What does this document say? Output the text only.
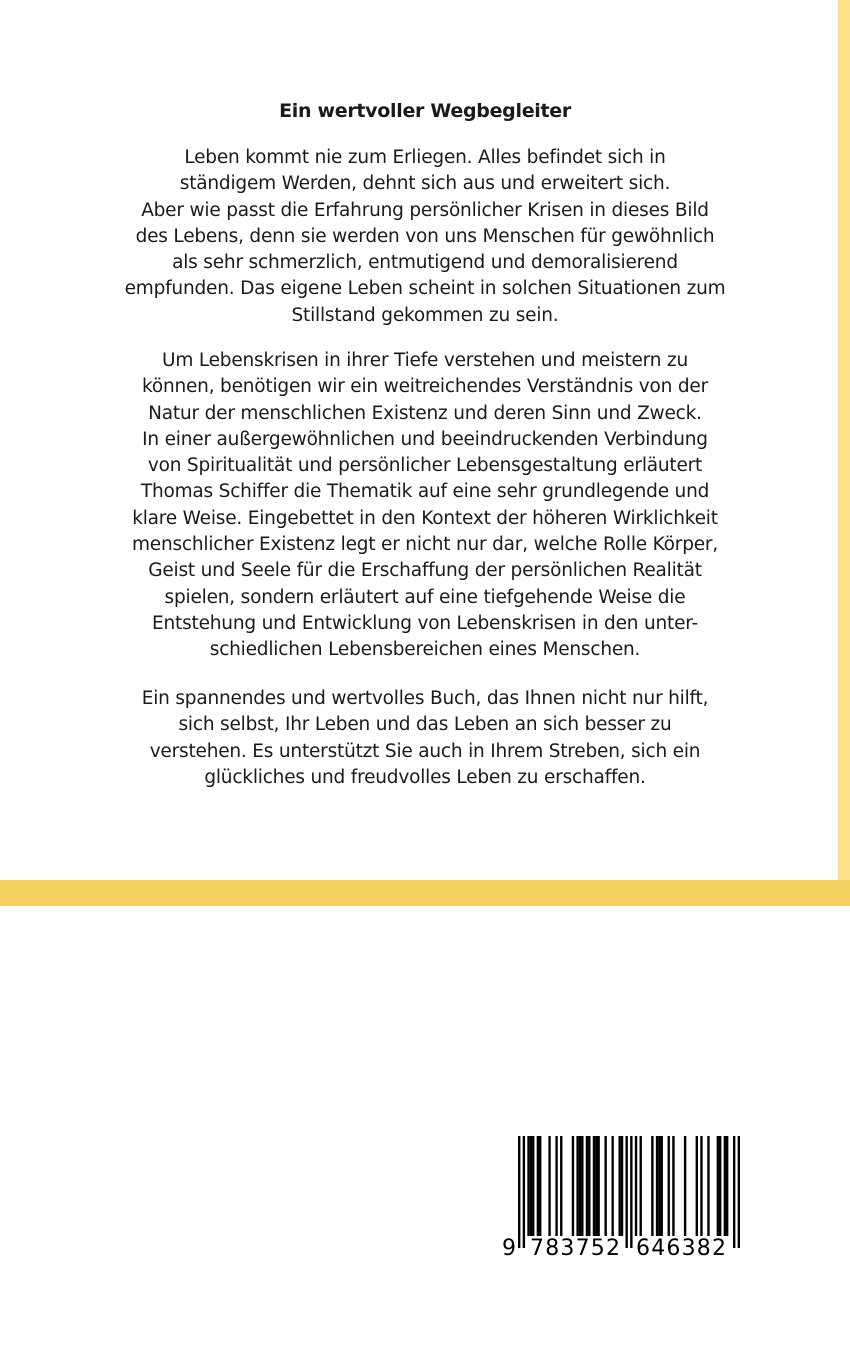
Ein wertvoller Wegbegleiter
Leben kommt nie zum Erliegen. Alles befindet sich in
ständigem Werden, dehnt sich aus und erweitert sich.
Aber wie passt die Erfahrung persönlicher Krisen in dieses Bild
des Lebens, denn sie werden von uns Menschen für gewöhnlich
als sehr schmerzlich, entmutigend und demoralisierend
empfunden. Das eigene Leben scheint in solchen Situationen zum
Stillstand gekommen zu sein.
Um Lebenskrisen in ihrer Tiefe verstehen und meistern zu
können, benötigen wir ein weitreichendes Verständnis von der
Natur der menschlichen Existenz und deren Sinn und Zweck.
In einer außergewöhnlichen und beeindruckenden Verbindung
von Spiritualität und persönlicher Lebensgestaltung erläutert
Thomas Schiffer die Thematik auf eine sehr grundlegende und
klare Weise. Eingebettet in den Kontext der höheren Wirklichkeit
menschlicher Existenz legt er nicht nur dar, welche Rolle Körper,
Geist und Seele für die Erschaffung der persönlichen Realität
spielen, sondern erläutert auf eine tiefgehende Weise die
Entstehung und Entwicklung von Lebenskrisen in den unter-
schiedlichen Lebensbereichen eines Menschen.
Ein spannendes und wertvolles Buch, das Ihnen nicht nur hilft,
sich selbst, Ihr Leben und das Leben an sich besser zu
verstehen. Es unterstützt Sie auch in Ihrem Streben, sich ein
glückliches und freudvolles Leben zu erschaffen.
9 783752 646382
